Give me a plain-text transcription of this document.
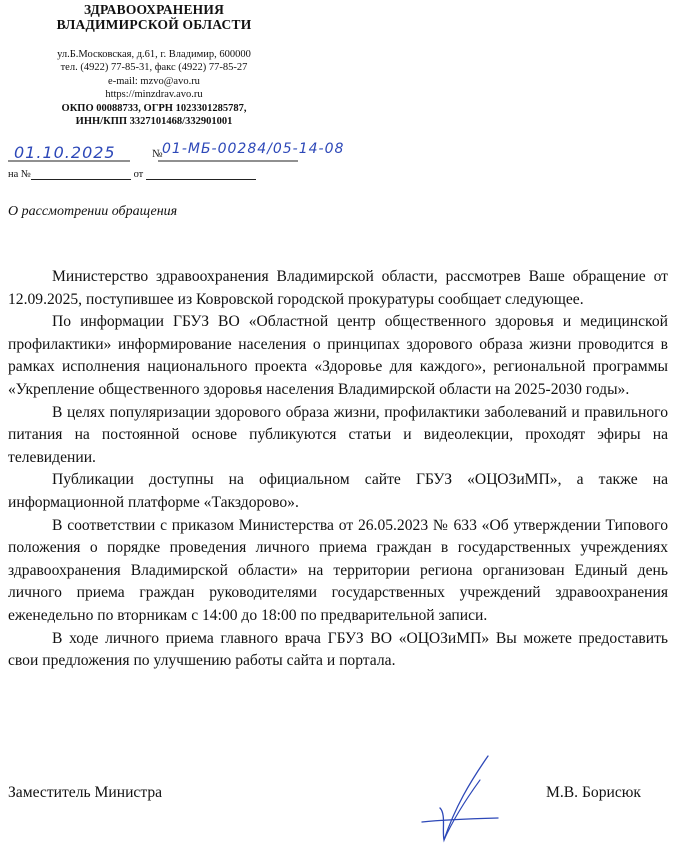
ЗДРАВООХРАНЕНИЯ
ВЛАДИМИРСКОЙ ОБЛАСТИ
ул.Б.Московская, д.61, г. Владимир, 600000
тел. (4922) 77-85-31, факс (4922) 77-85-27
e-mail: mzvo@avo.ru
https://minzdrav.avo.ru
ОКПО 00088733, ОГРН 1023301285787,
ИНН/КПП 3327101468/332901001
01.10.2025	№ 01-МБ-00284/05-14-08
на №	от
О рассмотрении обращения

Министерство здравоохранения Владимирской области, рассмотрев Ваше обращение от 12.09.2025, поступившее из Ковровской городской прокуратуры сообщает следующее.

По информации ГБУЗ ВО «Областной центр общественного здоровья и медицинской профилактики» информирование населения о принципах здорового образа жизни проводится в рамках исполнения национального проекта «Здоровье для каждого», региональной программы «Укрепление общественного здоровья населения Владимирской области на 2025-2030 годы».

В целях популяризации здорового образа жизни, профилактики заболеваний и правильного питания на постоянной основе публикуются статьи и видеолекции, проходят эфиры на телевидении.

Публикации доступны на официальном сайте ГБУЗ «ОЦОЗиМП», а также на информационной платформе «Такздорово».

В соответствии с приказом Министерства от 26.05.2023 № 633 «Об утверждении Типового положения о порядке проведения личного приема граждан в государственных учреждениях здравоохранения Владимирской области» на территории региона организован Единый день личного приема граждан руководителями государственных учреждений здравоохранения еженедельно по вторникам с 14:00 до 18:00 по предварительной записи.

В ходе личного приема главного врача ГБУЗ ВО «ОЦОЗиМП» Вы можете предоставить свои предложения по улучшению работы сайта и портала.

Заместитель Министра	М.В. Борисюк
